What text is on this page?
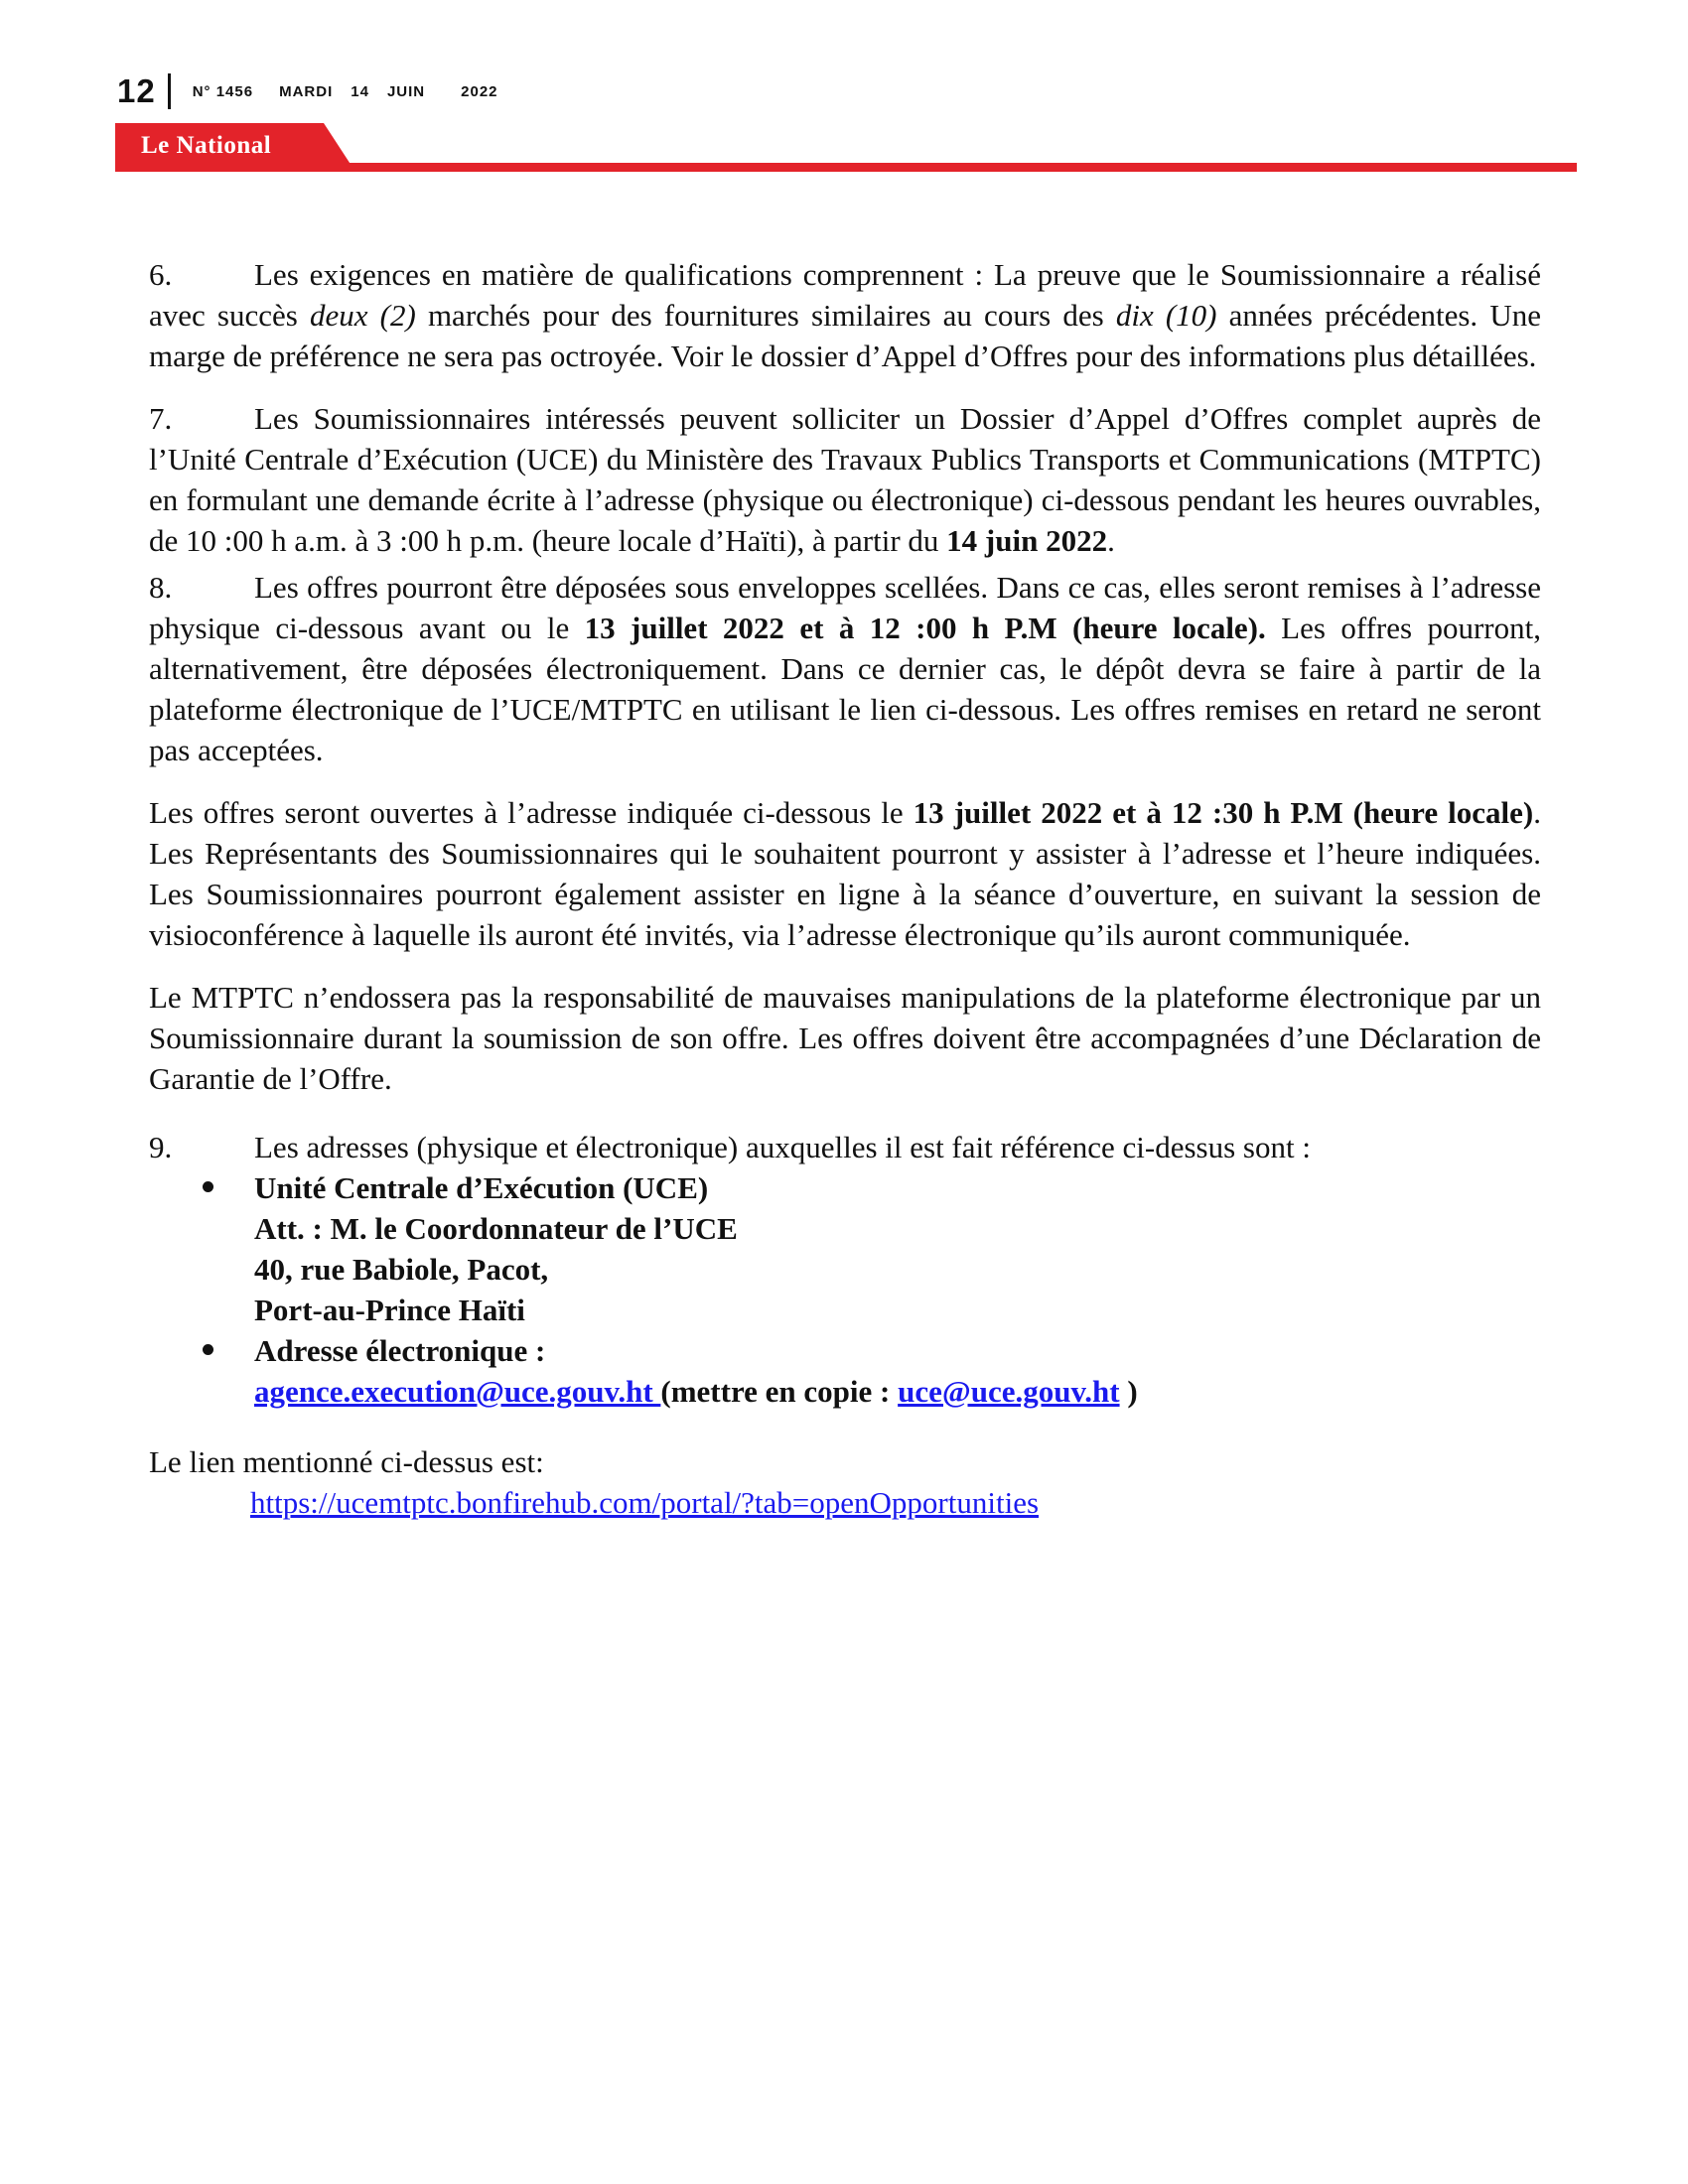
12 N° 1456 MARDI 14 JUIN 2022
Le National

6.	Les exigences en matière de qualifications comprennent : La preuve que le Soumissionnaire a réalisé avec succès deux (2) marchés pour des fournitures similaires au cours des dix (10) années précédentes. Une marge de préférence ne sera pas octroyée. Voir le dossier d’Appel d’Offres pour des informations plus détaillées.

7.	Les Soumissionnaires intéressés peuvent solliciter un Dossier d’Appel d’Offres complet auprès de l’Unité Centrale d’Exécution (UCE) du Ministère des Travaux Publics Transports et Communications (MTPTC) en formulant une demande écrite à l’adresse (physique ou électronique) ci-dessous pendant les heures ouvrables, de 10 :00 h a.m. à 3 :00 h p.m. (heure locale d’Haïti), à partir du 14 juin 2022.

8.	Les offres pourront être déposées sous enveloppes scellées. Dans ce cas, elles seront remises à l’adresse physique ci-dessous avant ou le 13 juillet 2022 et à 12 :00 h P.M (heure locale). Les offres pourront, alternativement, être déposées électroniquement. Dans ce dernier cas, le dépôt devra se faire à partir de la plateforme électronique de l’UCE/MTPTC en utilisant le lien ci-dessous. Les offres remises en retard ne seront pas acceptées.

Les offres seront ouvertes à l’adresse indiquée ci-dessous le 13 juillet 2022 et à 12 :30 h P.M (heure locale). Les Représentants des Soumissionnaires qui le souhaitent pourront y assister à l’adresse et l’heure indiquées. Les Soumissionnaires pourront également assister en ligne à la séance d’ouverture, en suivant la session de visioconférence à laquelle ils auront été invités, via l’adresse électronique qu’ils auront communiquée.

Le MTPTC n’endossera pas la responsabilité de mauvaises manipulations de la plateforme électronique par un Soumissionnaire durant la soumission de son offre. Les offres doivent être accompagnées d’une Déclaration de Garantie de l’Offre.

9.	Les adresses (physique et électronique) auxquelles il est fait référence ci-dessus sont :

Unité Centrale d’Exécution (UCE)
Att. : M. le Coordonnateur de l’UCE
40, rue Babiole, Pacot,
Port-au-Prince Haïti
Adresse électronique :
agence.execution@uce.gouv.ht (mettre en copie : uce@uce.gouv.ht )

Le lien mentionné ci-dessus est:

https://ucemtptc.bonfirehub.com/portal/?tab=openOpportunities
